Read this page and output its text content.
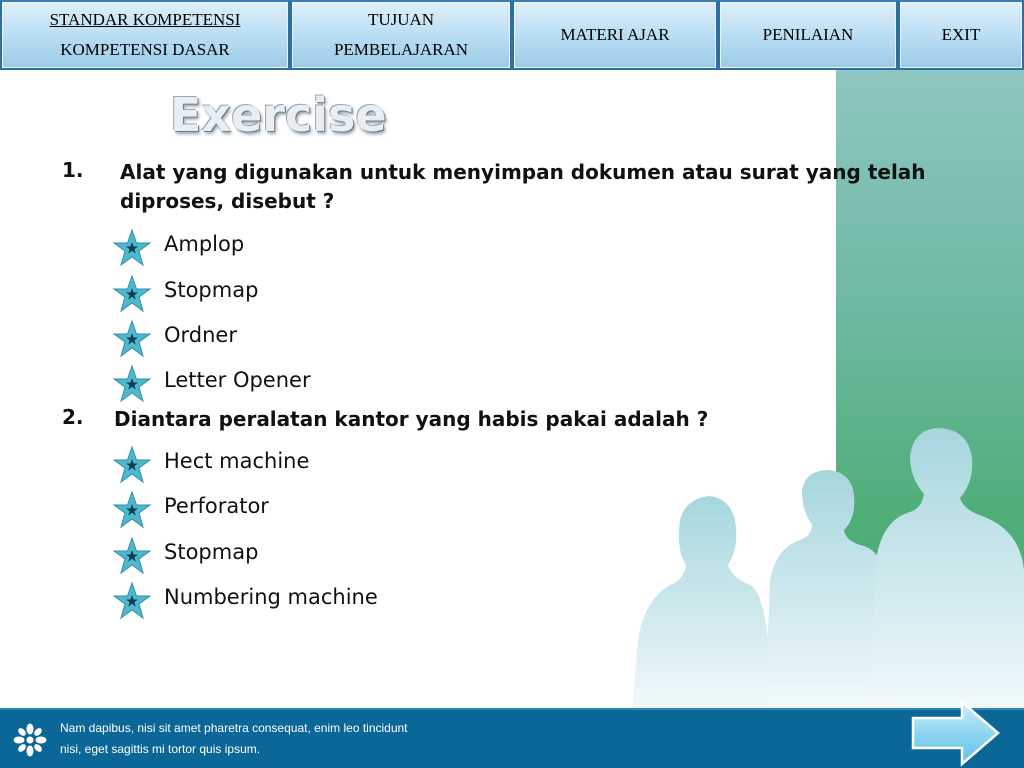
STANDAR KOMPETENSI
KOMPETENSI DASAR
TUJUAN
PEMBELAJARAN
MATERI AJAR	PENILAIAN	EXIT
Exercise
1. Alat yang digunakan untuk menyimpan dokumen atau surat yang telah diproses, disebut ?
Amplop
Stopmap
Ordner
Letter Opener
2. Diantara peralatan kantor yang habis pakai adalah ?
Hect machine
Perforator
Stopmap
Numbering machine
Nam dapibus, nisi sit amet pharetra consequat, enim leo tincidunt
nisi, eget sagittis mi tortor quis ipsum.
